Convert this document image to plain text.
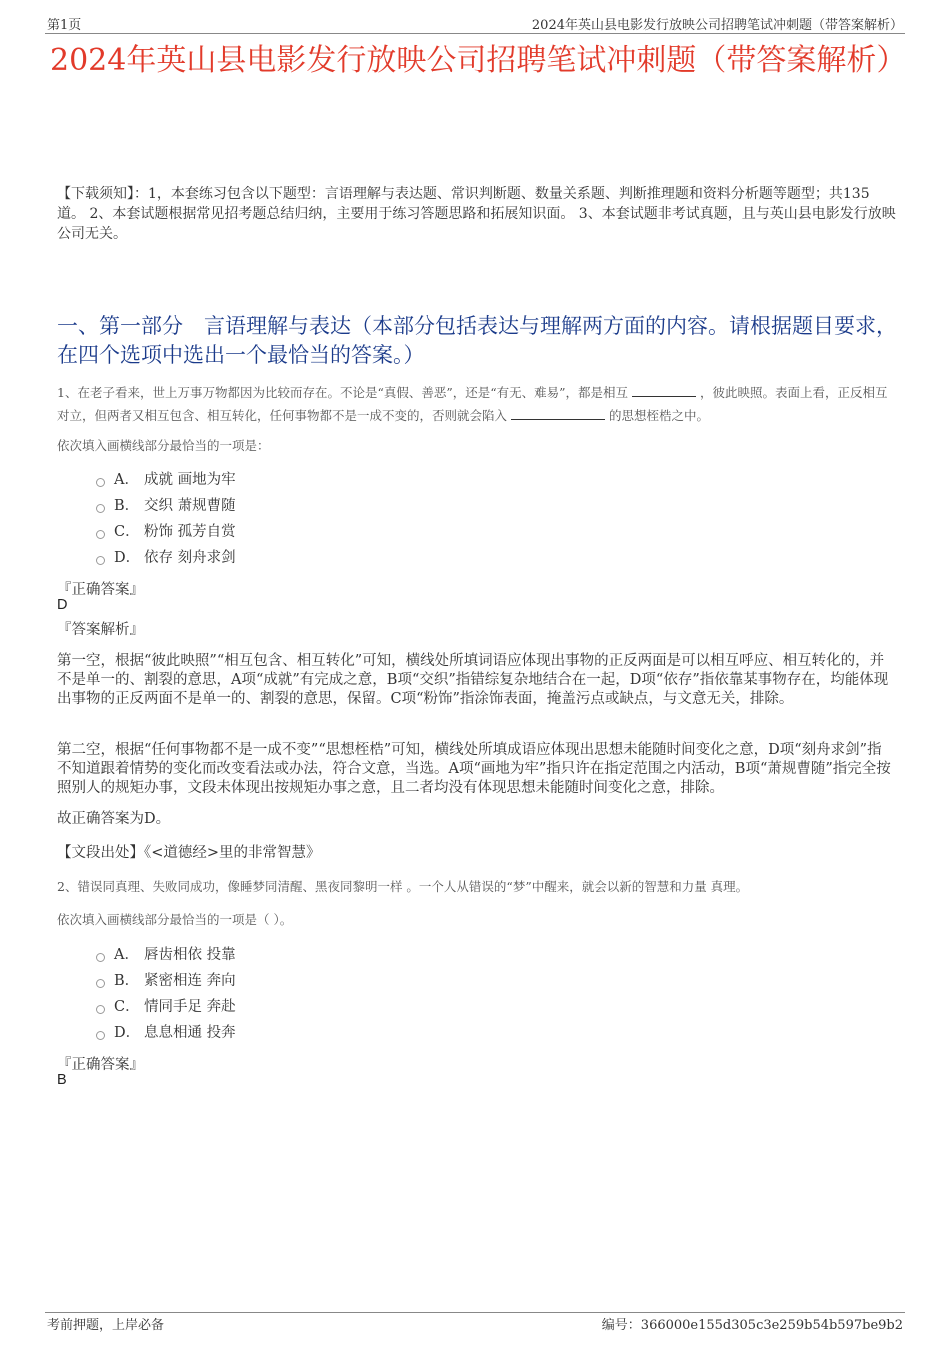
第1页	2024年英山县电影发行放映公司招聘笔试冲刺题（带答案解析）
2024年英山县电影发行放映公司招聘笔试冲刺题（带答案解析）
【下载须知】：1，本套练习包含以下题型：言语理解与表达题、常识判断题、数量关系题、判断推理题和资料分析题等题型；共135道。 2、本套试题根据常见招考题总结归纳，主要用于练习答题思路和拓展知识面。 3、本套试题非考试真题，且与英山县电影发行放映公司无关。
一、第一部分　言语理解与表达（本部分包括表达与理解两方面的内容。请根据题目要求，在四个选项中选出一个最恰当的答案。）
1、在老子看来，世上万事万物都因为比较而存在。不论是“真假、善恶”，还是“有无、难易”，都是相互	，彼此映照。表面上看，正反相互对立，但两者又相互包含、相互转化，任何事物都不是一成不变的，否则就会陷入	的思想桎梏之中。
依次填入画横线部分最恰当的一项是：
A． 成就 画地为牢
B． 交织 萧规曹随
C． 粉饰 孤芳自赏
D． 依存 刻舟求剑
『正确答案』
D
『答案解析』
第一空，根据“彼此映照”“相互包含、相互转化”可知，横线处所填词语应体现出事物的正反两面是可以相互呼应、相互转化的，并不是单一的、割裂的意思，A项“成就”有完成之意，B项“交织”指错综复杂地结合在一起，D项“依存”指依靠某事物存在，均能体现出事物的正反两面不是单一的、割裂的意思，保留。C项“粉饰”指涂饰表面，掩盖污点或缺点，与文意无关，排除。
第二空，根据“任何事物都不是一成不变”“思想桎梏”可知，横线处所填成语应体现出思想未能随时间变化之意，D项“刻舟求剑”指不知道跟着情势的变化而改变看法或办法，符合文意，当选。A项“画地为牢”指只许在指定范围之内活动，B项“萧规曹随”指完全按照别人的规矩办事，文段未体现出按规矩办事之意，且二者均没有体现思想未能随时间变化之意，排除。
故正确答案为D。
【文段出处】《<道德经>里的非常智慧》
2、错误同真理、失败同成功，像睡梦同清醒、黑夜同黎明一样 。一个人从错误的“梦”中醒来，就会以新的智慧和力量 真理。
依次填入画横线部分最恰当的一项是（ ）。
A． 唇齿相依 投靠
B． 紧密相连 奔向
C． 情同手足 奔赴
D． 息息相通 投奔
『正确答案』
B
考前押题，上岸必备	编号：366000e155d305c3e259b54b597be9b2
